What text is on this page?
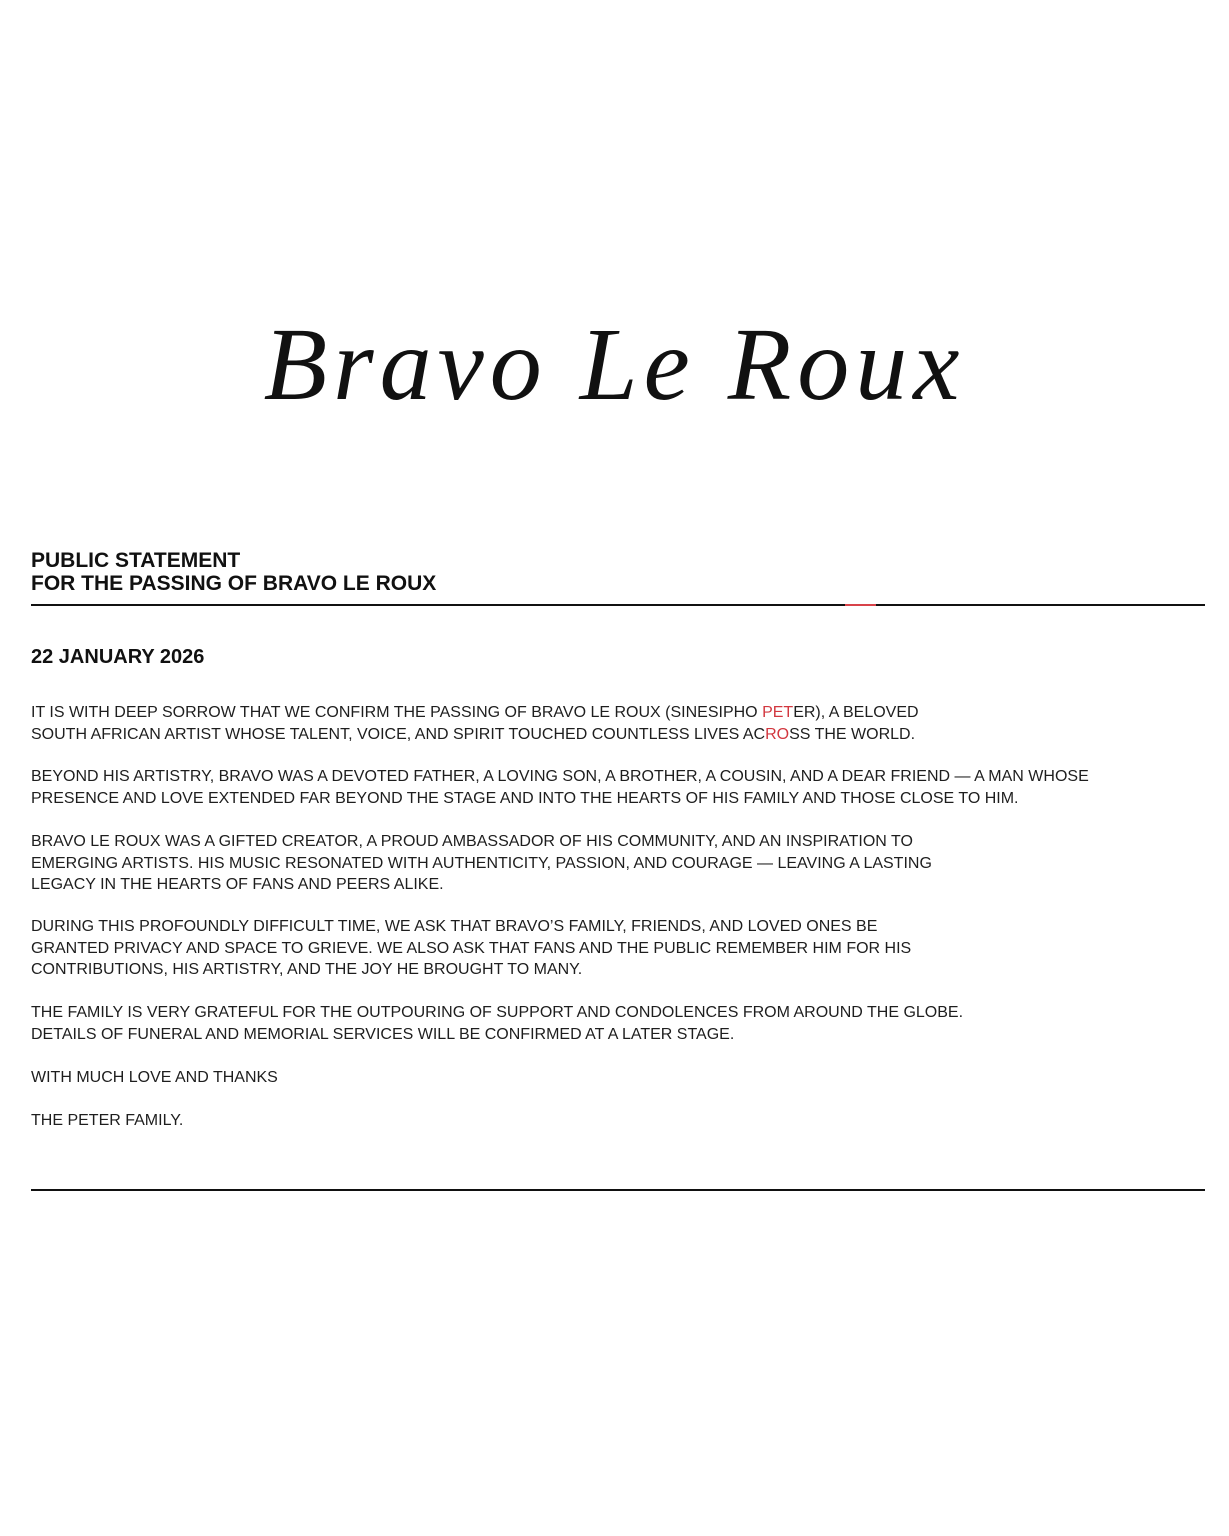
Bravo Le Roux
PUBLIC STATEMENT
FOR THE PASSING OF BRAVO LE ROUX
22 JANUARY 2026
IT IS WITH DEEP SORROW THAT WE CONFIRM THE PASSING OF BRAVO LE ROUX (SINESIPHO PETER), A BELOVED
SOUTH AFRICAN ARTIST WHOSE TALENT, VOICE, AND SPIRIT TOUCHED COUNTLESS LIVES ACROSS THE WORLD.
BEYOND HIS ARTISTRY, BRAVO WAS A DEVOTED FATHER, A LOVING SON, A BROTHER, A COUSIN, AND A DEAR FRIEND — A MAN WHOSE
PRESENCE AND LOVE EXTENDED FAR BEYOND THE STAGE AND INTO THE HEARTS OF HIS FAMILY AND THOSE CLOSE TO HIM.
BRAVO LE ROUX WAS A GIFTED CREATOR, A PROUD AMBASSADOR OF HIS COMMUNITY, AND AN INSPIRATION TO
EMERGING ARTISTS. HIS MUSIC RESONATED WITH AUTHENTICITY, PASSION, AND COURAGE — LEAVING A LASTING
LEGACY IN THE HEARTS OF FANS AND PEERS ALIKE.
DURING THIS PROFOUNDLY DIFFICULT TIME, WE ASK THAT BRAVO’S FAMILY, FRIENDS, AND LOVED ONES BE
GRANTED PRIVACY AND SPACE TO GRIEVE. WE ALSO ASK THAT FANS AND THE PUBLIC REMEMBER HIM FOR HIS
CONTRIBUTIONS, HIS ARTISTRY, AND THE JOY HE BROUGHT TO MANY.
THE FAMILY IS VERY GRATEFUL FOR THE OUTPOURING OF SUPPORT AND CONDOLENCES FROM AROUND THE GLOBE.
DETAILS OF FUNERAL AND MEMORIAL SERVICES WILL BE CONFIRMED AT A LATER STAGE.
WITH MUCH LOVE AND THANKS
THE PETER FAMILY.
